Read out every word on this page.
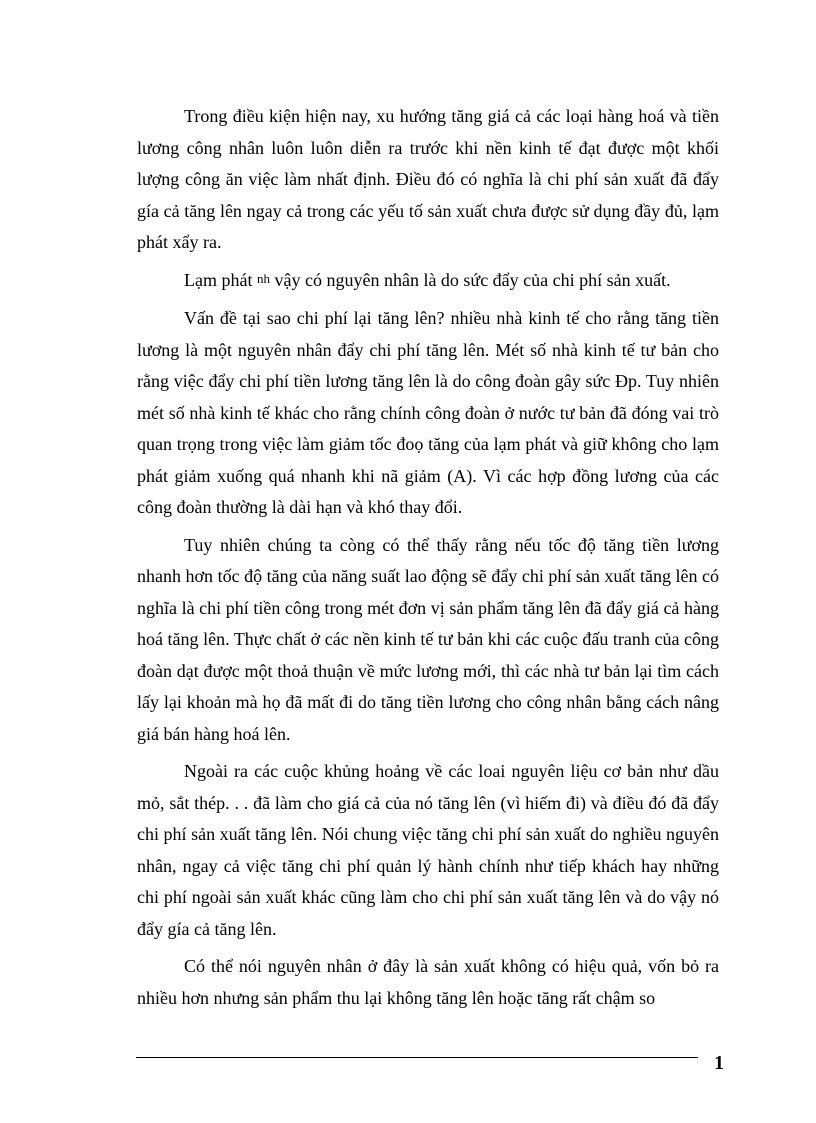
Trong điều kiện hiện nay, xu hướng tăng giá cả các loại hàng hoá và tiền lương công nhân luôn luôn diễn ra trước khi nền kinh tế đạt được một khối lượng công ăn việc làm nhất định. Điều đó có nghĩa là chi phí sản xuất đã đẩy gía cả tăng lên ngay cả trong các yếu tố sản xuất chưa được sử dụng đầy đủ, lạm phát xẩy ra.

Lạm phát nh vậy có nguyên nhân là do sức đẩy của chi phí sản xuất.

Vấn đề tại sao chi phí lại tăng lên? nhiều nhà kinh tế cho rằng tăng tiền lương là một nguyên nhân đẩy chi phí tăng lên. Mét số nhà kinh tế tư bản cho rằng việc đẩy chi phí tiền lương tăng lên là do công đoàn gây sức Ðp. Tuy nhiên mét số nhà kinh tế khác cho rằng chính công đoàn ở nước tư bản đã đóng vai trò quan trọng trong việc làm giảm tốc đoọ tăng của lạm phát và giữ không cho lạm phát giảm xuống quá nhanh khi nã giảm (A). Vì các hợp đồng lương của các công đoàn thường là dài hạn và khó thay đổi.

Tuy nhiên chúng ta còng có thể thấy rằng nếu tốc độ tăng tiền lương nhanh hơn tốc độ tăng của năng suất lao động sẽ đẩy chi phí sản xuất tăng lên có nghĩa là chi phí tiền công trong mét đơn vị sản phẩm tăng lên đã đẩy giá cả hàng hoá tăng lên. Thực chất ở các nền kinh tế tư bản khi các cuộc đấu tranh của công đoàn dạt được một thoả thuận về mức lương mới, thì các nhà tư bản lại tìm cách lấy lại khoản mà họ đã mất đi do tăng tiền lương cho công nhân bằng cách nâng giá bán hàng hoá lên.

Ngoài ra các cuộc khủng hoảng về các loai nguyên liệu cơ bản như dầu mỏ, sắt thép. . . đã làm cho giá cả của nó tăng lên (vì hiếm đi) và điều đó đã đẩy chi phí sản xuất tăng lên. Nói chung việc tăng chi phí sản xuất do nghiều nguyên nhân, ngay cả việc tăng chi phí quản lý hành chính như tiếp khách hay những chi phí ngoài sản xuất khác cũng làm cho chi phí sản xuất tăng lên và do vậy nó đẩy gía cả tăng lên.

Có thể nói nguyên nhân ở đây là sản xuất không có hiệu quả, vốn bỏ ra nhiều hơn nhưng sản phẩm thu lại không tăng lên hoặc tăng rất chậm so

1
